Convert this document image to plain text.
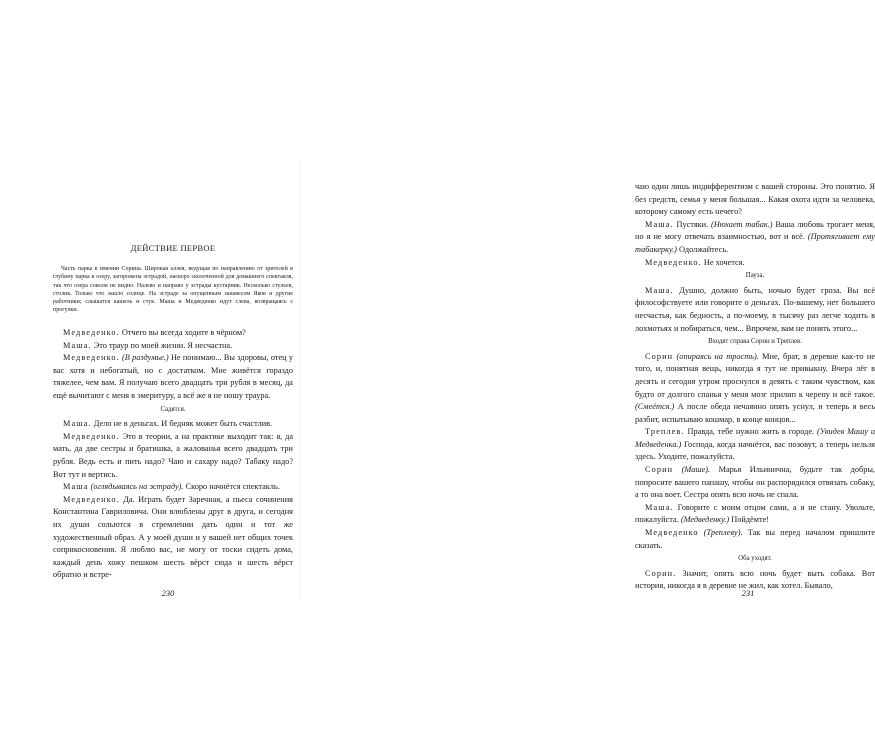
ДЕЙСТВИЕ ПЕРВОЕ
Часть парка в имении Сорина. Широкая аллея, ведущая по направлению от зрителей в глубину парка к озеру, загорожена эстрадой, наскоро сколоченной для домашнего спектакля, так что озера совсем не видно. Налево и направо у эстрады кустарник. Несколько стульев, столик. Только что зашло солнце. На эстраде за опущенным занавесом Яков и другие работники; слышатся кашель и стук. Маша и Медведенко идут слева, возвращаясь с прогулки.

Медведенко. Отчего вы всегда ходите в чёрном?

Маша. Это траур по моей жизни. Я несчастна.

Медведенко. (В раздумье.) Не понимаю... Вы здоровы, отец у вас хотя и небогатый, но с достатком. Мне живётся гораздо тяжелее, чем вам. Я получаю всего двадцать три рубля в месяц, да ещё вычитают с меня в эмеритуру, а всё же я не ношу траура.

Садятся.

Маша. Дело не в деньгах. И бедняк может быть счастлив.

Медведенко. Это в теории, а на практике выходит так: я, да мать, да две сестры и братишка, а жалованья всего двадцать три рубля. Ведь есть и пить надо? Чаю и сахару надо? Табаку надо? Вот тут и вертись.

Маша (оглядываясь на эстраду). Скоро начнётся спектакль.

Медведенко. Да. Играть будет Заречная, а пьеса сочинения Константина Гавриловича. Они влюблены друг в друга, и сегодня их души сольются в стремлении дать один и тот же художественный образ. А у моей души и у вашей нет общих точек соприкосновения. Я люблю вас, не могу от тоски сидеть дома, каждый день хожу пешком шесть вёрст сюда и шесть вёрст обратно и встре-

230

чаю один лишь индифферентизм с вашей стороны. Это понятно. Я без средств, семья у меня большая... Какая охота идти за человека, которому самому есть нечего?

Маша. Пустяки. (Нюхает табак.) Ваша любовь трогает меня, но я не могу отвечать взаимностью, вот и всё. (Протягивает ему табакерку.) Одолжайтесь.

Медведенко. Не хочется.

Пауза.

Маша. Душно, должно быть, ночью будет гроза. Вы всё философствуете или говорите о деньгах. По-вашему, нет большего несчастья, как бедность, а по-моему, в тысячу раз легче ходить в лохмотьях и побираться, чем... Впрочем, вам не понять этого...

Входят справа Сорин и Треплев.

Сорин (опираясь на трость). Мне, брат, в деревне как-то не того, и, понятная вещь, никогда я тут не привыкну. Вчера лёг в десять и сегодня утром проснулся в девять с таким чувством, как будто от долгого спанья у меня мозг прилип к черепу и всё такое. (Смеётся.) А после обеда нечаянно опять уснул, и теперь я весь разбит, испытываю кошмар, в конце концов...

Треплев. Правда, тебе нужно жить в городе. (Увидев Машу и Медведенка.) Господа, когда начнётся, вас позовут, а теперь нельзя здесь. Уходите, пожалуйста.

Сорин (Маше). Марья Ильинична, будьте так добры, попросите вашего папашу, чтобы он распорядился отвязать собаку, а то она воет. Сестра опять всю ночь не спала.

Маша. Говорите с моим отцом сами, а я не стану. Увольте, пожалуйста. (Медведенку.) Пойдёмте!

Медведенко (Треплеву). Так вы перед началом пришлите сказать.

Оба уходят.

Сорин. Значит, опять всю ночь будет выть собака. Вот история, никогда я в деревне не жил, как хотел. Бывало,

231
